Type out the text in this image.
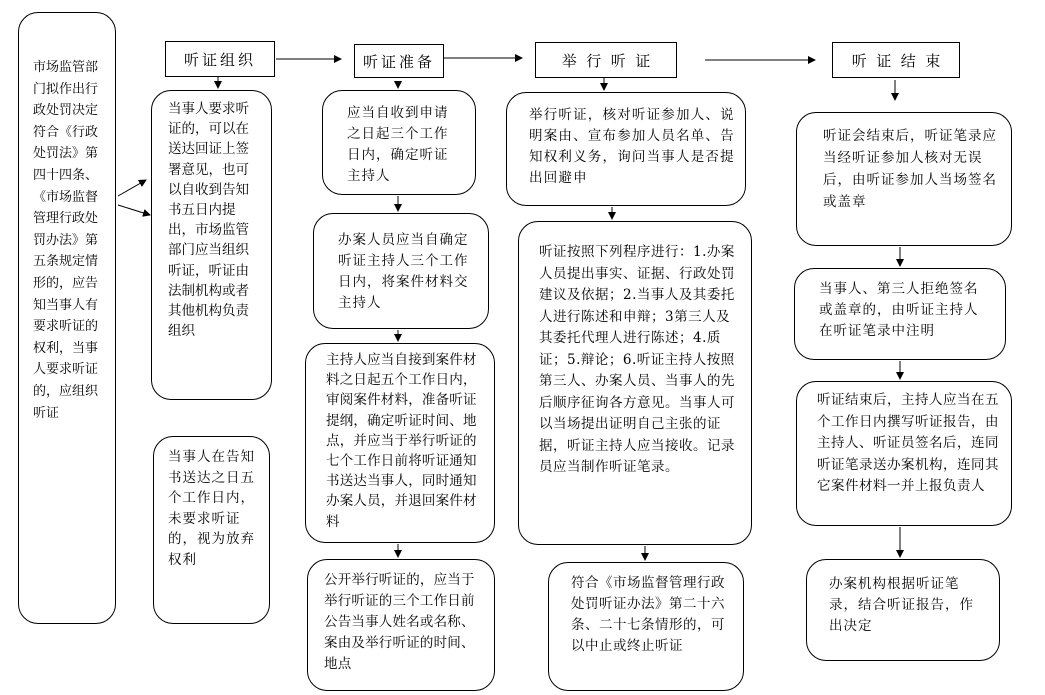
听证组织	听证准备	举  行  听  证	听  证  结  束
市场监管部门拟作出行政处罚决定符合《行政处罚法》第四十四条、《市场监督管理行政处罚办法》第五条规定情形的，应告知当事人有要求听证的权利，当事人要求听证的，应组织听证
当事人要求听证的，可以在送达回证上签署意见，也可以自收到告知书五日内提出，市场监管部门应当组织听证，听证由法制机构或者其他机构负责组织
当事人在告知书送达之日五个工作日内，未要求听证的，视为放弃权利
应当自收到申请之日起三个工作日内，确定听证主持人
办案人员应当自确定听证主持人三个工作日内，将案件材料交主持人
主持人应当自接到案件材料之日起五个工作日内，审阅案件材料，准备听证提纲，确定听证时间、地点，并应当于举行听证的七个工作日前将听证通知书送达当事人，同时通知办案人员，并退回案件材料
公开举行听证的，应当于举行听证的三个工作日前公告当事人姓名或名称、案由及举行听证的时间、地点
举行听证，核对听证参加人、说明案由、宣布参加人员名单、告知权利义务，询问当事人是否提出回避申
听证按照下列程序进行：1.办案人员提出事实、证据、行政处罚建议及依据；2.当事人及其委托人进行陈述和申辩；3第三人及其委托代理人进行陈述；4.质证；5.辩论；6.听证主持人按照第三人、办案人员、当事人的先后顺序征询各方意见。当事人可以当场提出证明自己主张的证据，听证主持人应当接收。记录员应当制作听证笔录。
符合《市场监督管理行政处罚听证办法》第二十六条、二十七条情形的，可以中止或终止听证
听证会结束后，听证笔录应当经听证参加人核对无误后，由听证参加人当场签名或盖章
当事人、第三人拒绝签名或盖章的，由听证主持人在听证笔录中注明
听证结束后，主持人应当在五个工作日内撰写听证报告，由主持人、听证员签名后，连同听证笔录送办案机构，连同其它案件材料一并上报负责人
办案机构根据听证笔录，结合听证报告，作出决定
